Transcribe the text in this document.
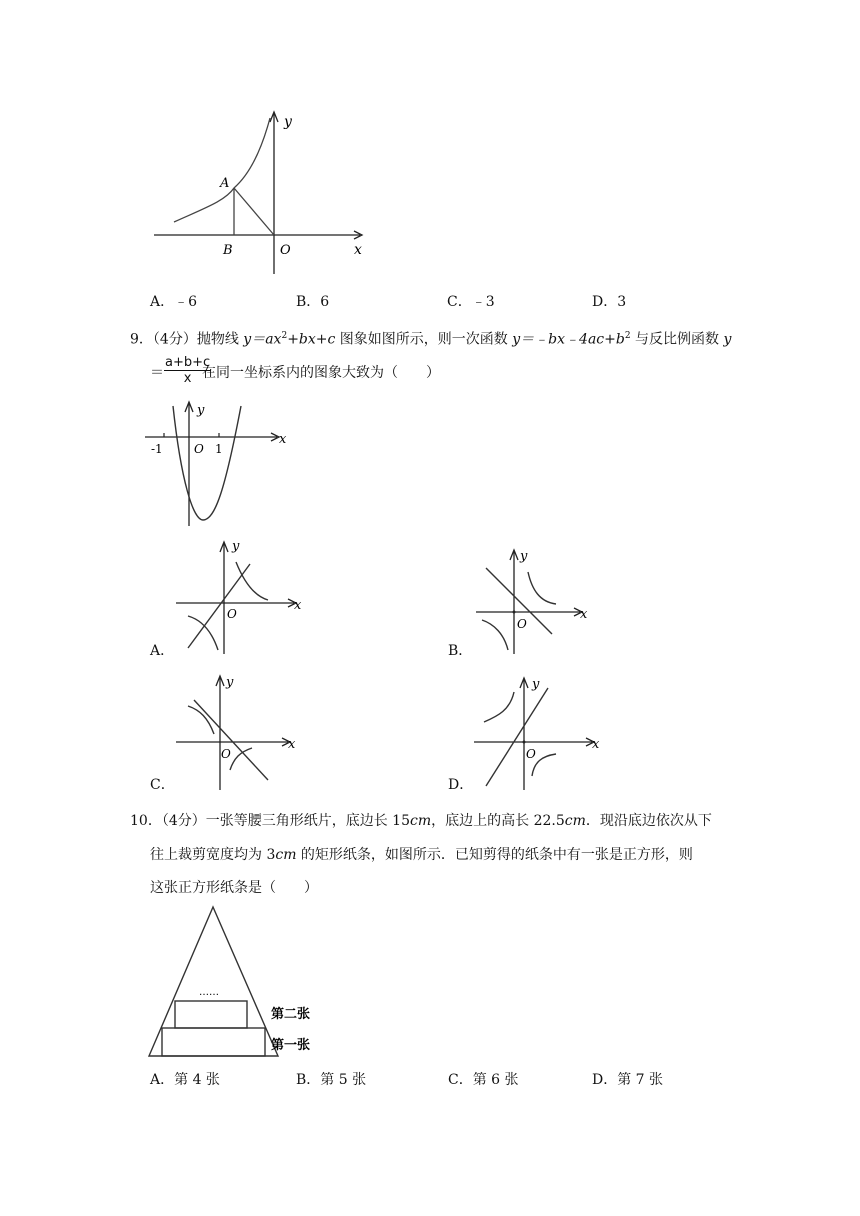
y
x
A
B	O
A．﹣6	B．6	C．﹣3	D．3
9．（4分）抛物线 $y=ax^2+bx+c$ 图象如图所示，则一次函数 $y=﹣bx﹣4ac+b^2$ 与反比例函数 y
＝ $\frac{a+b+c}{x}$
在同一坐标系内的图象大致为（　　）
y
x
-1	O 1
y
x
O
A．
y
x
O
B．
y
x
O
C．
y
x
O
D．
10．（4分）一张等腰三角形纸片，底边长 15cm，底边上的高长 22.5cm．现沿底边依次从下
往上裁剪宽度均为 3cm 的矩形纸条，如图所示．已知剪得的纸条中有一张是正方形，则
这张正方形纸条是（　　）
……
第二张
第一张
A．第 4 张	B．第 5 张	C．第 6 张	D．第 7 张
